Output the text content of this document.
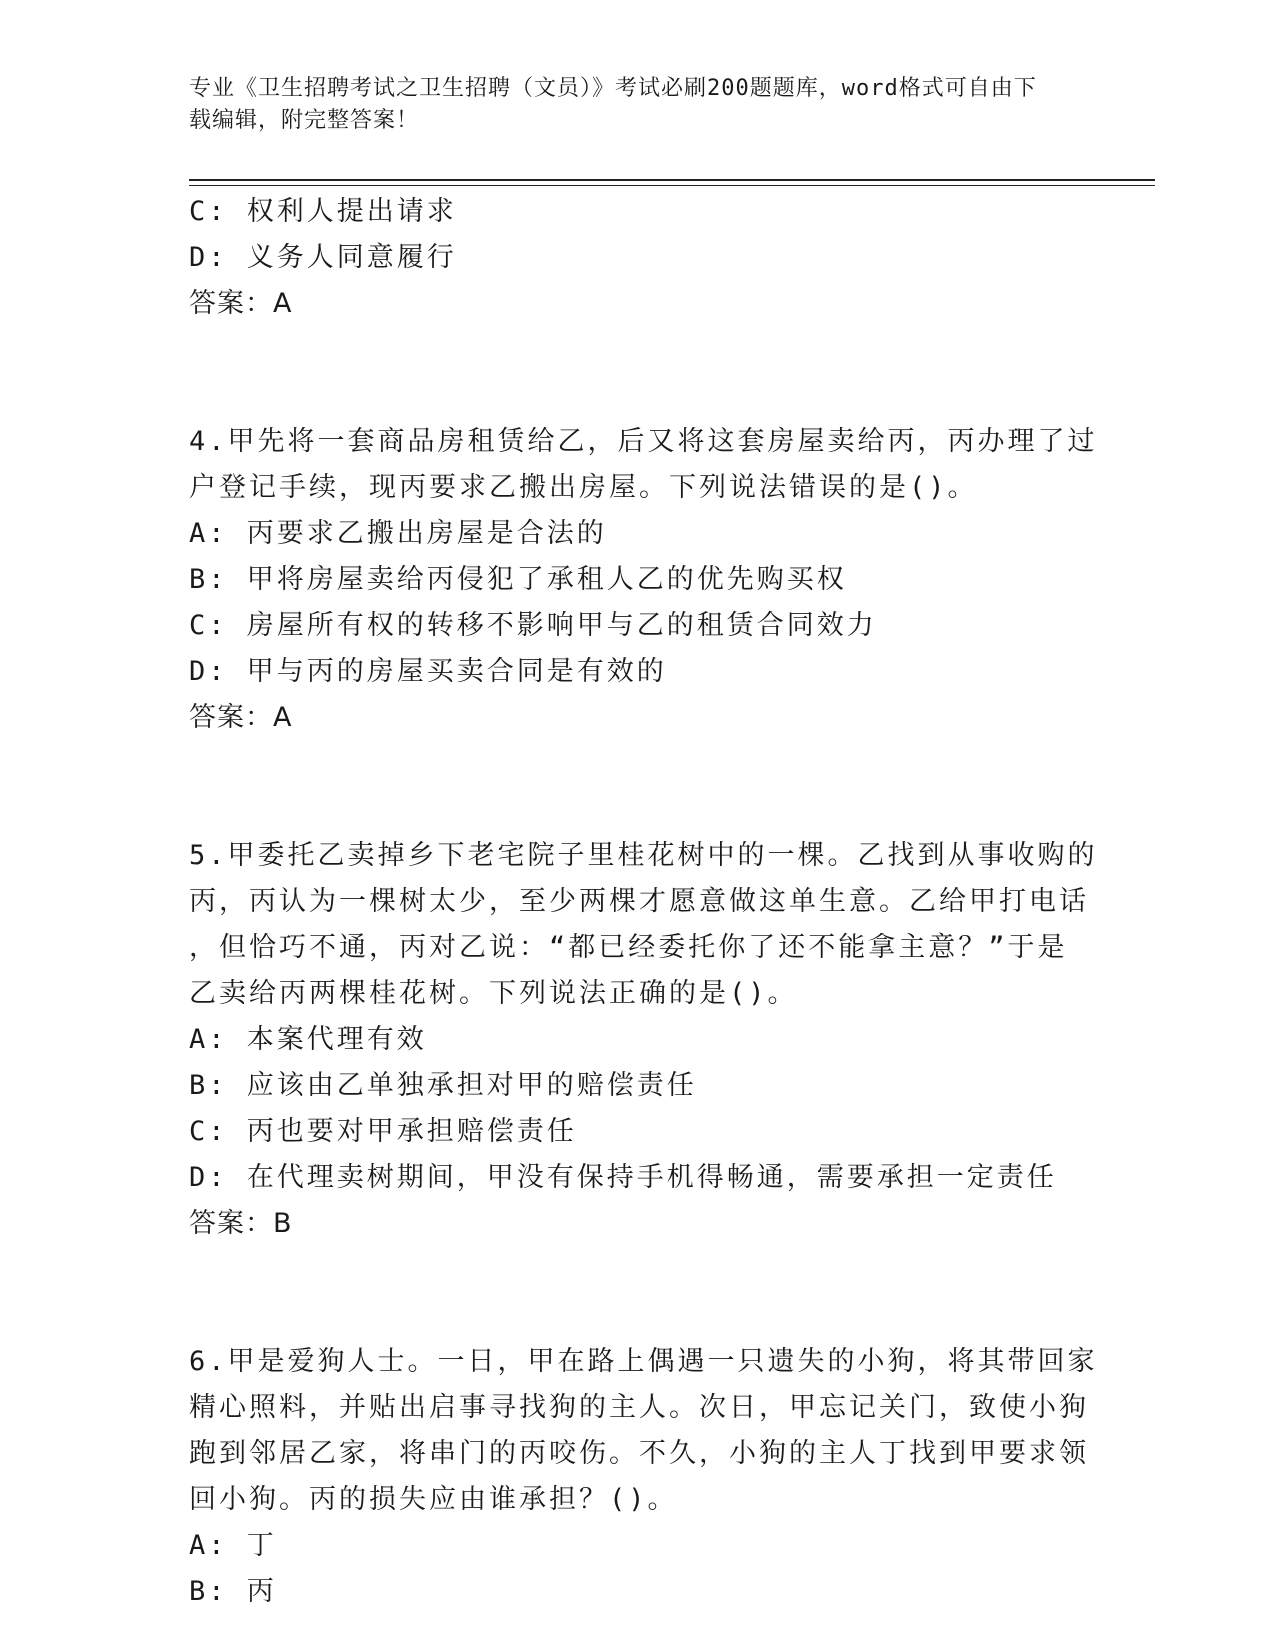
专业《卫生招聘考试之卫生招聘（文员）》考试必刷200题题库，word格式可自由下载编辑，附完整答案！
C: 权利人提出请求
D: 义务人同意履行
答案：A
4.甲先将一套商品房租赁给乙，后又将这套房屋卖给丙，丙办理了过
户登记手续，现丙要求乙搬出房屋。下列说法错误的是()。
A: 丙要求乙搬出房屋是合法的
B: 甲将房屋卖给丙侵犯了承租人乙的优先购买权
C: 房屋所有权的转移不影响甲与乙的租赁合同效力
D: 甲与丙的房屋买卖合同是有效的
答案：A
5.甲委托乙卖掉乡下老宅院子里桂花树中的一棵。乙找到从事收购的
丙，丙认为一棵树太少，至少两棵才愿意做这单生意。乙给甲打电话
，但恰巧不通，丙对乙说：“都已经委托你了还不能拿主意？”于是
乙卖给丙两棵桂花树。下列说法正确的是()。
A: 本案代理有效
B: 应该由乙单独承担对甲的赔偿责任
C: 丙也要对甲承担赔偿责任
D: 在代理卖树期间，甲没有保持手机得畅通，需要承担一定责任
答案：B
6.甲是爱狗人士。一日，甲在路上偶遇一只遗失的小狗，将其带回家
精心照料，并贴出启事寻找狗的主人。次日，甲忘记关门，致使小狗
跑到邻居乙家，将串门的丙咬伤。不久，小狗的主人丁找到甲要求领
回小狗。丙的损失应由谁承担？()。
A: 丁
B: 丙
